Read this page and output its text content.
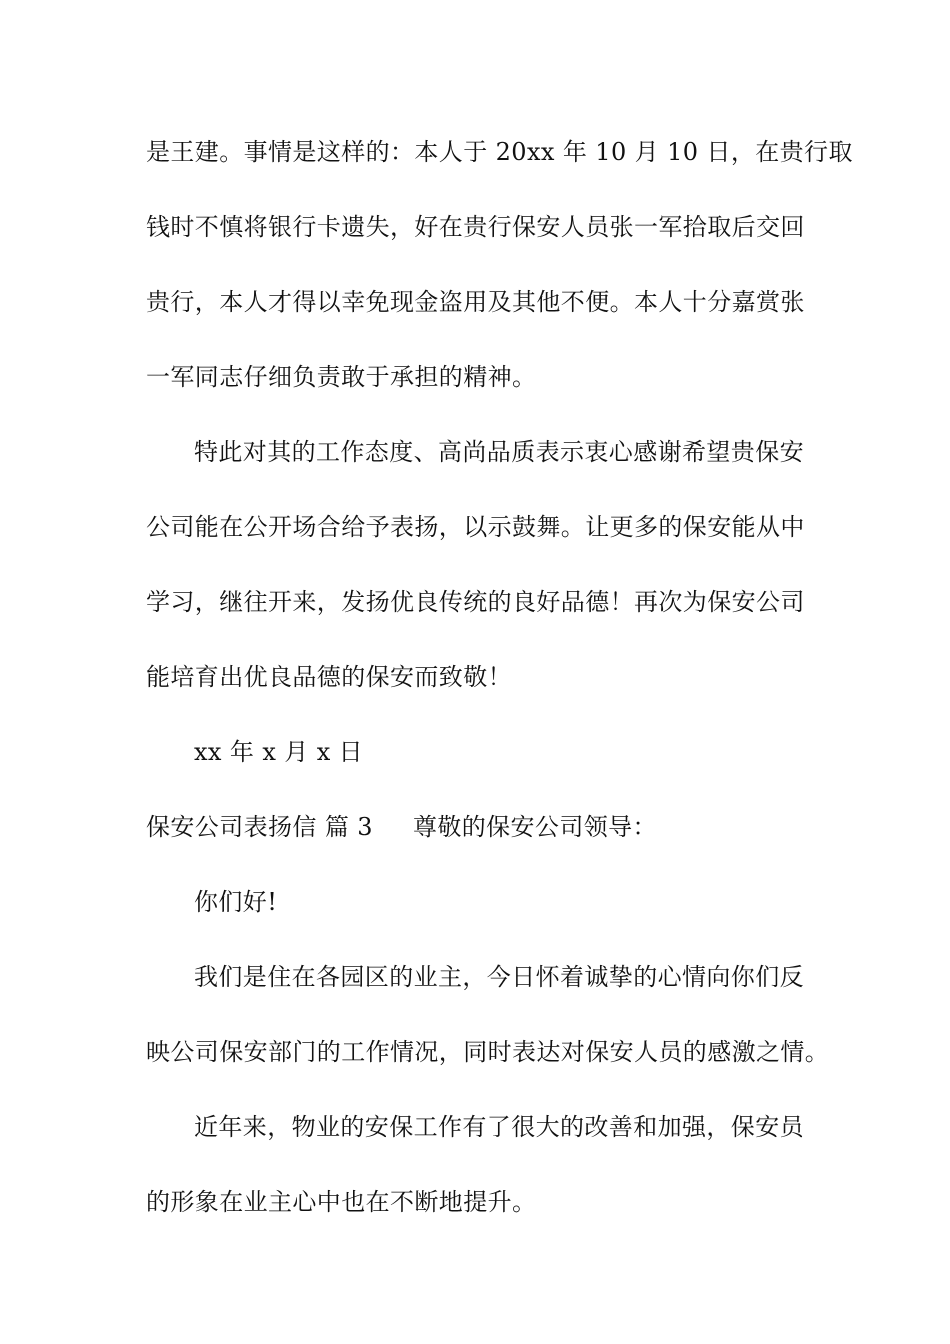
是王建。事情是这样的：本人于 20xx 年 10 月 10 日，在贵行取
钱时不慎将银行卡遗失，好在贵行保安人员张一军拾取后交回
贵行，本人才得以幸免现金盗用及其他不便。本人十分嘉赏张
一军同志仔细负责敢于承担的精神。
特此对其的工作态度、高尚品质表示衷心感谢希望贵保安
公司能在公开场合给予表扬，以示鼓舞。让更多的保安能从中
学习，继往开来，发扬优良传统的良好品德！再次为保安公司
能培育出优良品德的保安而致敬！
xx 年 x 月 x 日
保安公司表扬信 篇 3 尊敬的保安公司领导：
你们好!
我们是住在各园区的业主，今日怀着诚挚的心情向你们反
映公司保安部门的工作情况，同时表达对保安人员的感激之情。
近年来，物业的安保工作有了很大的改善和加强，保安员
的形象在业主心中也在不断地提升。
